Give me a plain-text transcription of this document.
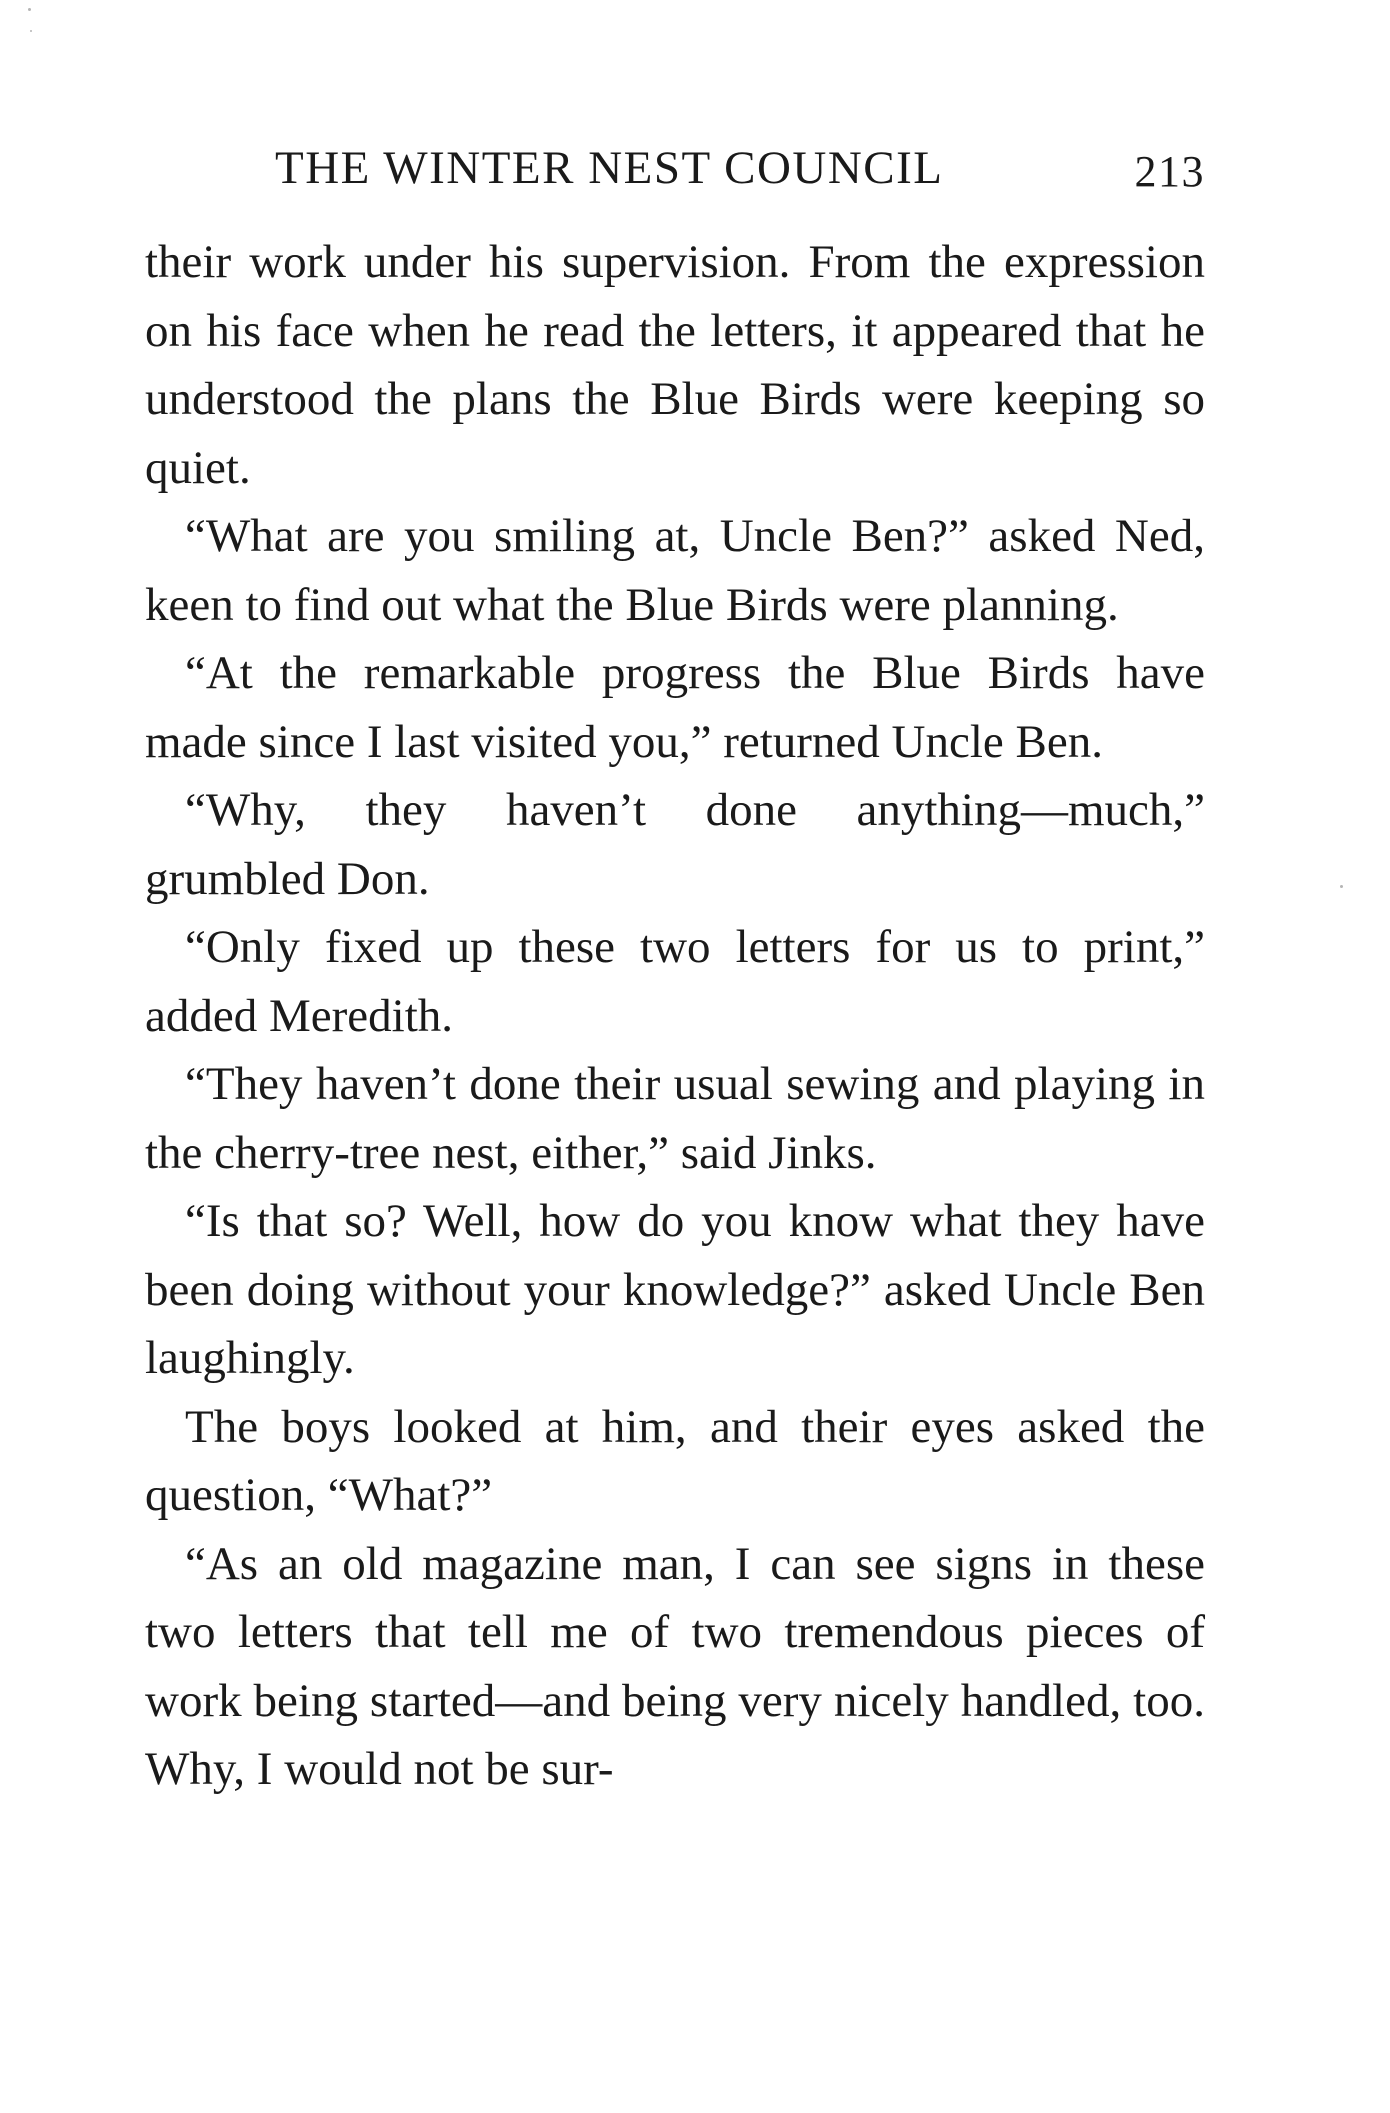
THE WINTER NEST COUNCIL	213

their work under his supervision. From the expression on his face when he read the letters, it appeared that he understood the plans the Blue Birds were keeping so quiet.

“What are you smiling at, Uncle Ben?” asked Ned, keen to find out what the Blue Birds were planning.

“At the remarkable progress the Blue Birds have made since I last visited you,” returned Uncle Ben.

“Why, they haven’t done anything—much,” grumbled Don.

“Only fixed up these two letters for us to print,” added Meredith.

“They haven’t done their usual sewing and playing in the cherry-tree nest, either,” said Jinks.

“Is that so? Well, how do you know what they have been doing without your knowledge?” asked Uncle Ben laughingly.

The boys looked at him, and their eyes asked the question, “What?”

“As an old magazine man, I can see signs in these two letters that tell me of two tremendous pieces of work being started—and being very nicely handled, too. Why, I would not be sur-
